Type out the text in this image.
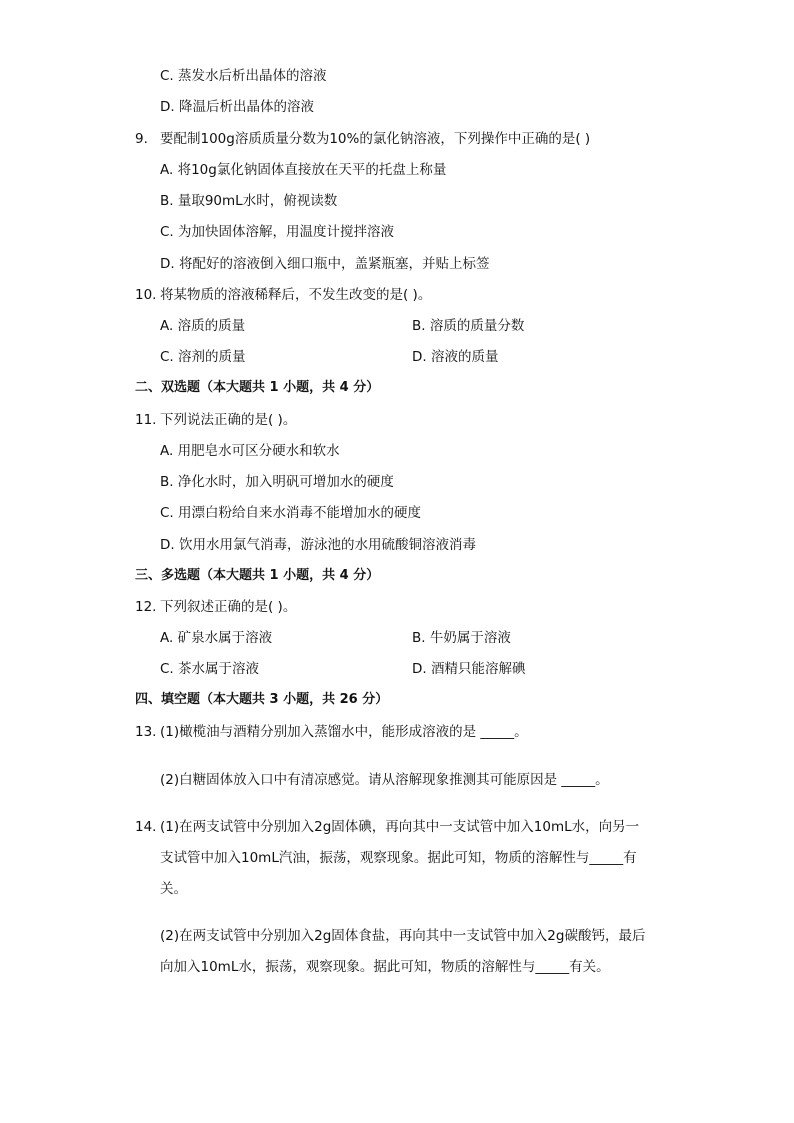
C. 蒸发水后析出晶体的溶液
D. 降温后析出晶体的溶液
9. 要配制100g溶质质量分数为10%的氯化钠溶液，下列操作中正确的是( )
A. 将10g氯化钠固体直接放在天平的托盘上称量
B. 量取90mL水时，俯视读数
C. 为加快固体溶解，用温度计搅拌溶液
D. 将配好的溶液倒入细口瓶中，盖紧瓶塞，并贴上标签
10. 将某物质的溶液稀释后，不发生改变的是( )。
A. 溶质的质量	B. 溶质的质量分数
C. 溶剂的质量	D. 溶液的质量
二、双选题（本大题共 1 小题，共 4 分）
11. 下列说法正确的是( )。
A. 用肥皂水可区分硬水和软水
B. 净化水时，加入明矾可增加水的硬度
C. 用漂白粉给自来水消毒不能增加水的硬度
D. 饮用水用氯气消毒，游泳池的水用硫酸铜溶液消毒
三、多选题（本大题共 1 小题，共 4 分）
12. 下列叙述正确的是( )。
A. 矿泉水属于溶液	B. 牛奶属于溶液
C. 茶水属于溶液	D. 酒精只能溶解碘
四、填空题（本大题共 3 小题，共 26 分）
13. (1)橄榄油与酒精分别加入蒸馏水中，能形成溶液的是 _____。
(2)白糖固体放入口中有清凉感觉。请从溶解现象推测其可能原因是 _____。
14. (1)在两支试管中分别加入2g固体碘，再向其中一支试管中加入10mL水，向另一
支试管中加入10mL汽油，振荡，观察现象。据此可知，物质的溶解性与_____有
关。
(2)在两支试管中分别加入2g固体食盐，再向其中一支试管中加入2g碳酸钙，最后
向加入10mL水，振荡，观察现象。据此可知，物质的溶解性与_____有关。
